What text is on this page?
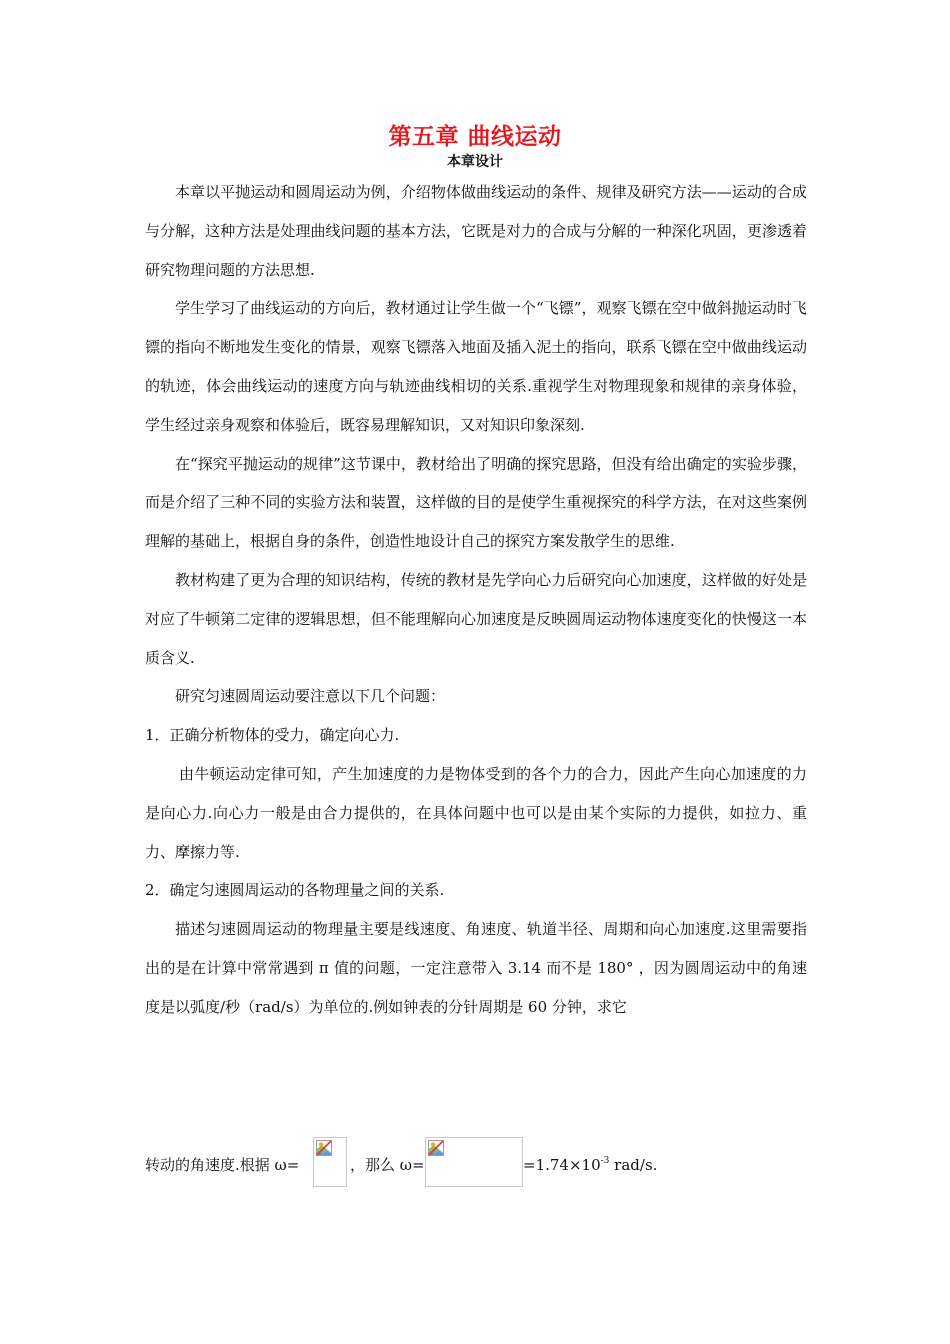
第五章 曲线运动
本章设计

本章以平抛运动和圆周运动为例，介绍物体做曲线运动的条件、规律及研究方法——运动的合成与分解，这种方法是处理曲线问题的基本方法，它既是对力的合成与分解的一种深化巩固，更渗透着研究物理问题的方法思想.

学生学习了曲线运动的方向后，教材通过让学生做一个“飞镖”，观察飞镖在空中做斜抛运动时飞镖的指向不断地发生变化的情景，观察飞镖落入地面及插入泥土的指向，联系飞镖在空中做曲线运动的轨迹，体会曲线运动的速度方向与轨迹曲线相切的关系.重视学生对物理现象和规律的亲身体验，学生经过亲身观察和体验后，既容易理解知识，又对知识印象深刻.

在“探究平抛运动的规律”这节课中，教材给出了明确的探究思路，但没有给出确定的实验步骤，而是介绍了三种不同的实验方法和装置，这样做的目的是使学生重视探究的科学方法，在对这些案例理解的基础上，根据自身的条件，创造性地设计自己的探究方案发散学生的思维.

教材构建了更为合理的知识结构，传统的教材是先学向心力后研究向心加速度，这样做的好处是对应了牛顿第二定律的逻辑思想，但不能理解向心加速度是反映圆周运动物体速度变化的快慢这一本质含义.

研究匀速圆周运动要注意以下几个问题：

1．正确分析物体的受力，确定向心力.

由牛顿运动定律可知，产生加速度的力是物体受到的各个力的合力，因此产生向心加速度的力是向心力.向心力一般是由合力提供的，在具体问题中也可以是由某个实际的力提供，如拉力、重力、摩擦力等.

2．确定匀速圆周运动的各物理量之间的关系.

描述匀速圆周运动的物理量主要是线速度、角速度、轨道半径、周期和向心加速度.这里需要指出的是在计算中常常遇到 π 值的问题，一定注意带入 3.14 而不是 180° ，因为圆周运动中的角速度是以弧度/秒（rad/s）为单位的.例如钟表的分针周期是 60 分钟，求它

转动的角速度.根据 ω=	，那么 ω=	$=1.74\times 10^{-3}$ rad/s.
